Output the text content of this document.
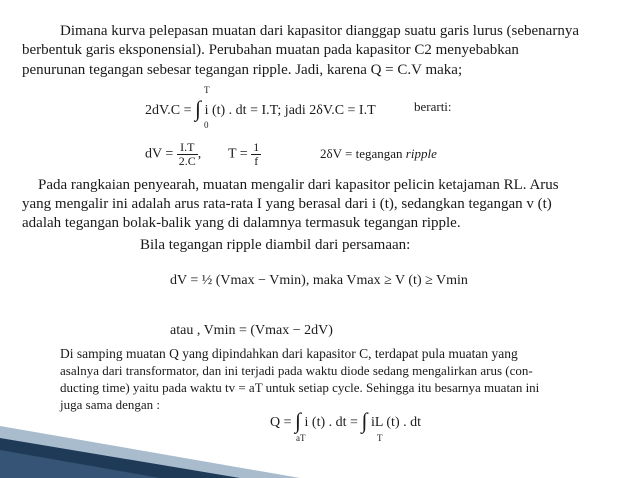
Dimana kurva pelepasan muatan dari kapasitor dianggap suatu garis lurus (sebenarnya
berbentuk garis eksponensial). Perubahan muatan pada kapasitor C2 menyebabkan
penurunan tegangan sebesar tegangan ripple. Jadi, karena Q = C.V maka;
2dV.C = ∫ i (t) . dt = I.T; jadi 2δV.C = I.T
T
0
berarti:
dV = $\frac{I.T}{2.C}$ , $T = \frac{1}{f}$	2δV = tegangan ripple
Pada rangkaian penyearah, muatan mengalir dari kapasitor pelicin ketajaman RL. Arus
yang mengalir ini adalah arus rata-rata I yang berasal dari i (t), sedangkan tegangan v (t)
adalah tegangan bolak-balik yang di dalamnya termasuk tegangan ripple.
Bila tegangan ripple diambil dari persamaan:
dV = ½ (Vmax − Vmin), maka Vmax ≥ V (t) ≥ Vmin
atau , Vmin = (Vmax − 2dV)
Di samping muatan Q yang dipindahkan dari kapasitor C, terdapat pula muatan yang
asalnya dari transformator, dan ini terjadi pada waktu diode sedang mengalirkan arus (con-
ducting time) yaitu pada waktu tv = aT untuk setiap cycle. Sehingga itu besarnya muatan ini
juga sama dengan :
Q = ∫ i (t) . dt = ∫ iL (t) . dt
aT	T
